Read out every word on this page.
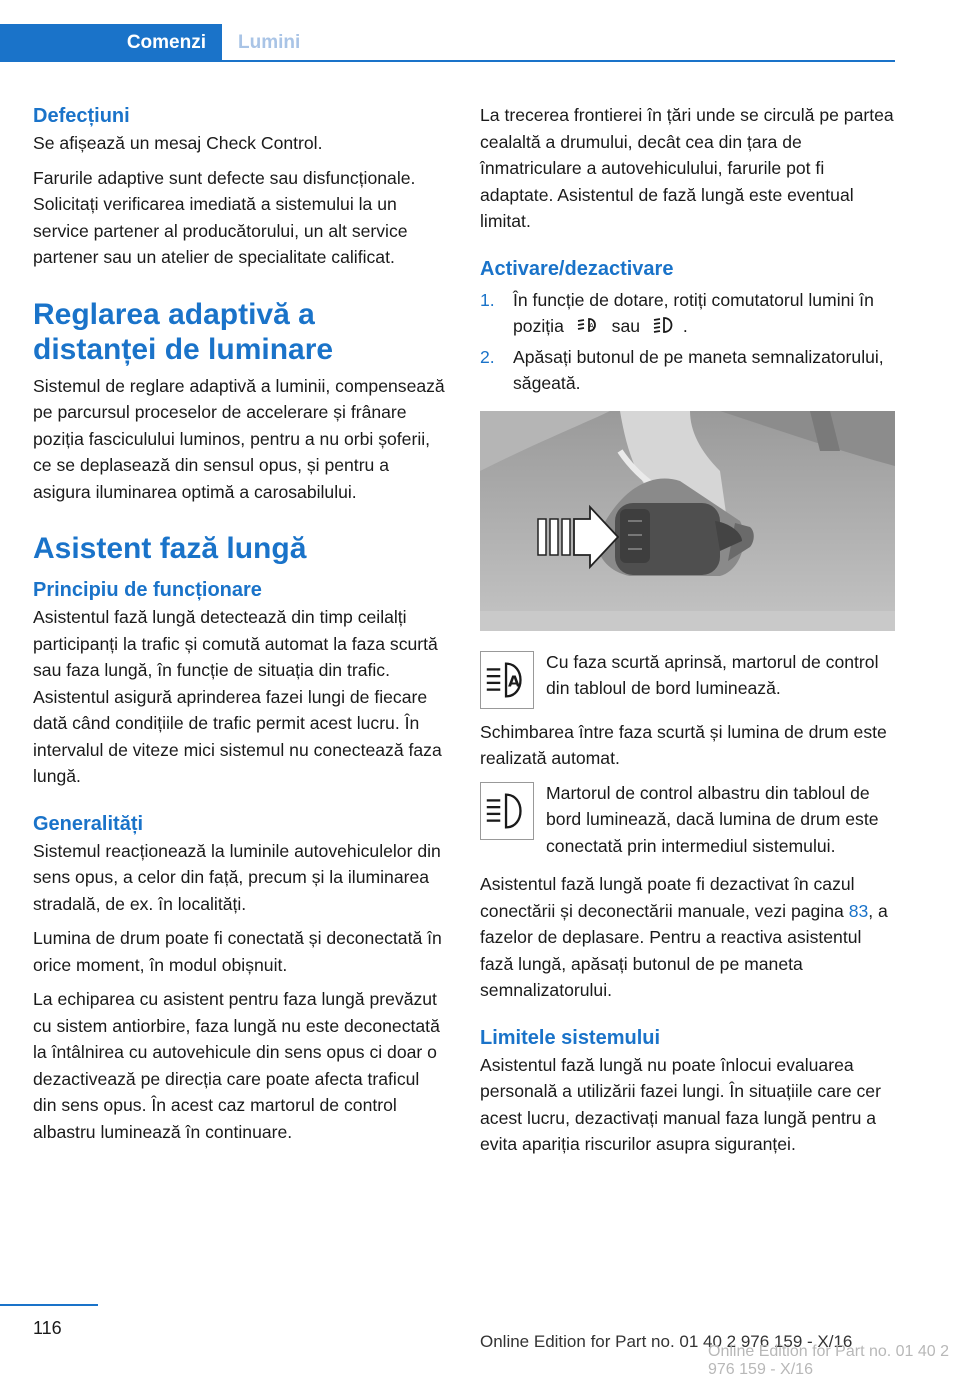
Comenzi Lumini
Defecțiuni

Se afișează un mesaj Check Control.

Farurile adaptive sunt defecte sau disfuncționale. Solicitați verificarea imediată a sistemului la un service partener al producătorului, un alt service partener sau un atelier de specialitate calificat.

Reglarea adaptivă a distanței de luminare

Sistemul de reglare adaptivă a luminii, compensează pe parcursul proceselor de accelerare și frânare poziția fasciculului luminos, pentru a nu orbi șoferii, ce se deplasează din sensul opus, și pentru a asigura iluminarea optimă a carosabilului.

Asistent fază lungă
Principiu de funcționare

Asistentul fază lungă detectează din timp ceilalți participanți la trafic și comută automat la faza scurtă sau faza lungă, în funcție de situația din trafic. Asistentul asigură aprinderea fazei lungi de fiecare dată când condițiile de trafic permit acest lucru. În intervalul de viteze mici sistemul nu conectează faza lungă.

Generalități

Sistemul reacționează la luminile autovehiculelor din sens opus, a celor din față, precum și la iluminarea stradală, de ex. în localități.

Lumina de drum poate fi conectată și deconectată în orice moment, în modul obișnuit.

La echiparea cu asistent pentru faza lungă prevăzut cu sistem antiorbire, faza lungă nu este deconectată la întâlnirea cu autovehicule din sens opus ci doar o dezactivează pe direcția care poate afecta traficul din sens opus. În acest caz martorul de control albastru luminează în continuare.

La trecerea frontierei în țări unde se circulă pe partea cealaltă a drumului, decât cea din țara de înmatriculare a autovehiculului, farurile pot fi adaptate. Asistentul de fază lungă este eventual limitat.

Activare/dezactivare
1. În funcție de dotare, rotiți comutatorul lumini în poziția	A sau .
2. Apăsați butonul de pe maneta semnalizatorului, săgeată.
A

Cu faza scurtă aprinsă, martorul de control din tabloul de bord luminează.

Schimbarea între faza scurtă și lumina de drum este realizată automat.

Martorul de control albastru din tabloul de bord luminează, dacă lumina de drum este conectată prin intermediul sistemului.

Asistentul fază lungă poate fi dezactivat în cazul conectării și deconectării manuale, vezi pagina 83, a fazelor de deplasare. Pentru a reactiva asistentul fază lungă, apăsați butonul de pe maneta semnalizatorului.

Limitele sistemului

Asistentul fază lungă nu poate înlocui evaluarea personală a utilizării fazei lungi. În situațiile care cer acest lucru, dezactivați manual faza lungă pentru a evita apariția riscurilor asupra siguranței.

116
Online Edition for Part no. 01 40 2 976 159 - X/16
Online Edition for Part no. 01 40 2 976 159 - X/16
